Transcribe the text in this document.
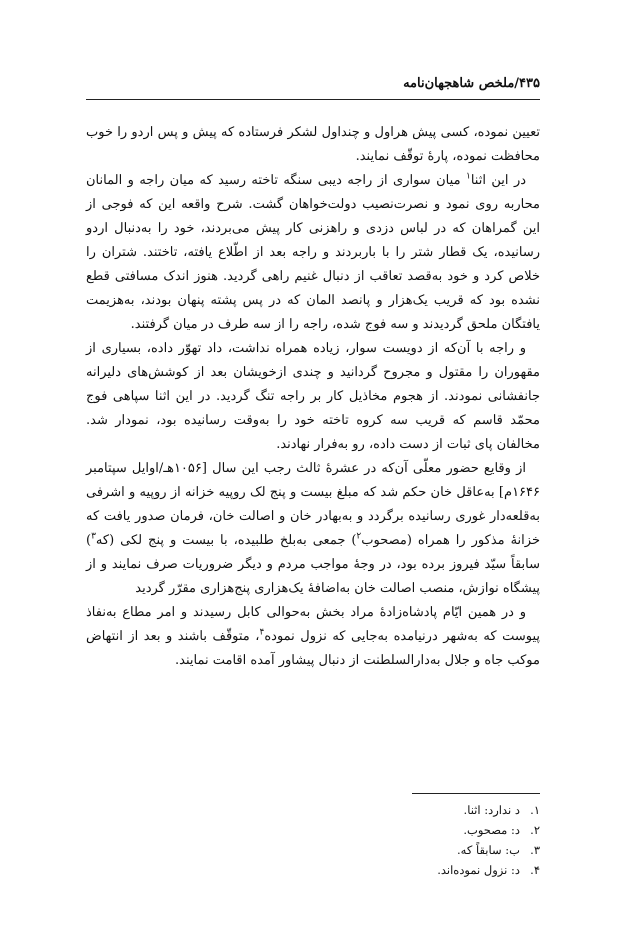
۴۳۵/ملخص شاهجهان‌نامه

تعیین نموده، کسی پیش هراول و چنداول لشکر فرستاده که پیش و پس اردو را خوب محافظت نموده، پارهٔ توقّف نمایند.

در این اثنا$^۱$ میان سواری از راجه دیبی سنگه تاخته رسید که میان راجه و المانان محاربه روی نمود و نصرت‌نصیب دولت‌خواهان گشت. شرح واقعه این که فوجی از این گمراهان که در لباس دزدی و راهزنی کار پیش می‌بردند، خود را به‌دنبال اردو رسانیده، یک قطار شتر را با باربردند و راجه بعد از اطّلاع یافته، تاختند. شتران را خلاص کرد و خود به‌قصد تعاقب از دنبال غنیم راهی گردید. هنوز اندک مسافتی قطع نشده بود که قریب یک‌هزار و پانصد المان که در پس پشته پنهان بودند، به‌هزیمت یافتگان ملحق گردیدند و سه فوج شده، راجه را از سه طرف در میان گرفتند.

و راجه با آن‌که از دویست سوار، زیاده همراه نداشت، داد تهوّر داده، بسیاری از مقهوران را مقتول و مجروح گردانید و چندی ازخویشان بعد از کوشش‌های دلیرانه جانفشانی نمودند. از هجوم مخاذیل کار بر راجه تنگ گردید. در این اثنا سپاهی فوج محمّد قاسم که قریب سه کروه تاخته خود را به‌وقت رسانیده بود، نمودار شد. مخالفان پای ثبات از دست داده، رو به‌فرار نهادند.

از وقایع حضور معلّی آن‌که در عشرهٔ ثالث رجب این سال [۱۰۵۶هـ/اوایل سپتامبر ۱۶۴۶م] به‌عاقل خان حکم شد که مبلغ بیست و پنج لک روپیه خزانه از روپیه و اشرفی به‌قلعه‌دار غوری رسانیده برگردد و به‌بهادر خان و اصالت خان، فرمان صدور یافت که خزانهٔ مذکور را همراه (مصحوب$^۲$) جمعی به‌بلخ طلبیده، با بیست و پنج لکی (که$^۳$) سابقاً سیّد فیروز برده بود، در وجهٔ مواجب مردم و دیگر ضروریات صرف نمایند و از پیشگاه نوازش، منصب اصالت خان به‌اضافهٔ یک‌هزاری پنج‌هزاری مقرّر گردید

و در همین ایّام پادشاه‌زادهٔ مراد بخش به‌حوالی کابل رسیدند و امر مطاع به‌نفاذ پیوست که به‌شهر درنیامده به‌جایی که نزول نموده$^۴$، متوقّف باشند و بعد از انتهاض موکب جاه و جلال به‌دارالسلطنت از دنبال پیشاور آمده اقامت نمایند.

۱.
د ندارد: اثنا.
۲.
د: مصحوب.
۳.
ب: سابقاً که.
۴.
د: نزول نموده‌اند.
